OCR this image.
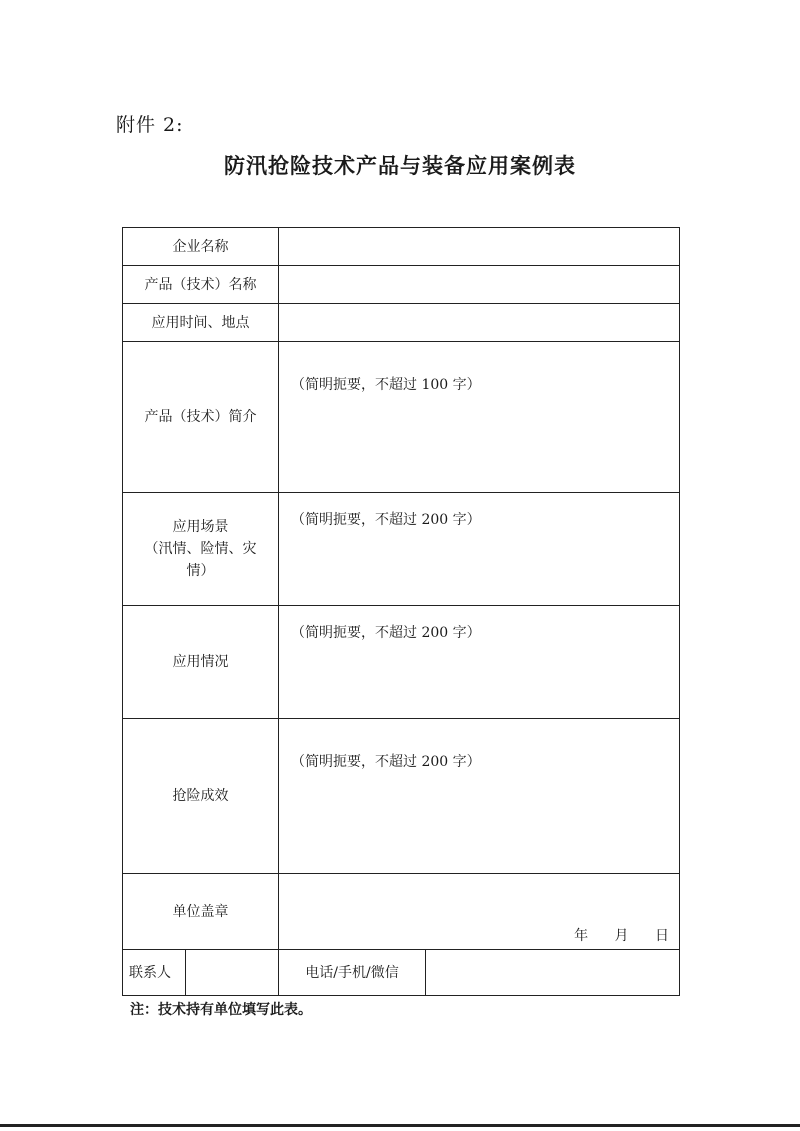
附件 2:
防汛抢险技术产品与装备应用案例表
企业名称			
产品（技术）名称			
应用时间、地点			
产品（技术）简介		（简明扼要，不超过 100 字）	

应用场景
（汛情、险情、灾
情）		（简明扼要，不超过 200 字）	
应用情况		（简明扼要，不超过 200 字）	
抢险成效		（简明扼要，不超过 200 字）	
单位盖章		年 月 日	

联系人		电话/手机/微信	
注：技术持有单位填写此表。
